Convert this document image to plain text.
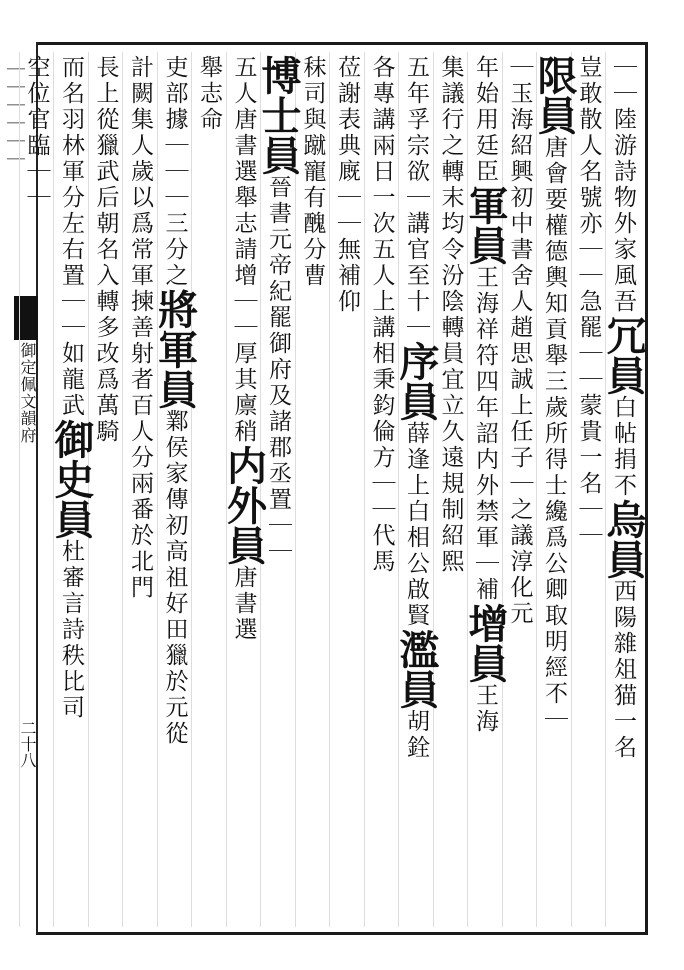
｜｜｜｜｜｜
御定佩文韻府
二十八
｜｜陸游詩物外家風吾冗員白帖捐不烏員西陽雜俎猫一名
豈敢散人名號亦｜｜急罷｜｜蒙貴一名｜｜
限員唐會要權德輿知貢舉三歲所得士纔爲公卿取明經不｜
｜玉海紹興初中書舍人趙思誠上任子｜之議淳化元
年始用廷臣軍員王海祥符四年詔内外禁軍｜補增員王海
集議行之轉末均令汾陰轉員宜立久遠規制紹熙
五年孚宗欲｜講官至十｜序員薛逢上白相公啟賢濫員胡銓
各專講兩日一次五人上講相秉鈞倫方｜｜代馬
莅謝表典廐｜｜無補仰
秣司與蹴寵有醜分曹
博士員晉書元帝紀罷御府及諸郡丞置｜｜
五人唐書選舉志請增｜｜厚其廪稍内外員唐書選
舉志命
吏部據｜｜｜三分之將軍員鄴侯家傳初高祖好田獵於元從
計闕集人歲以爲常軍揀善射者百人分兩番於北門
長上從獵武后朝名入轉多改爲萬騎
而名羽林軍分左右置｜｜如龍武御史員杜審言詩秩比司
空位官臨｜｜
